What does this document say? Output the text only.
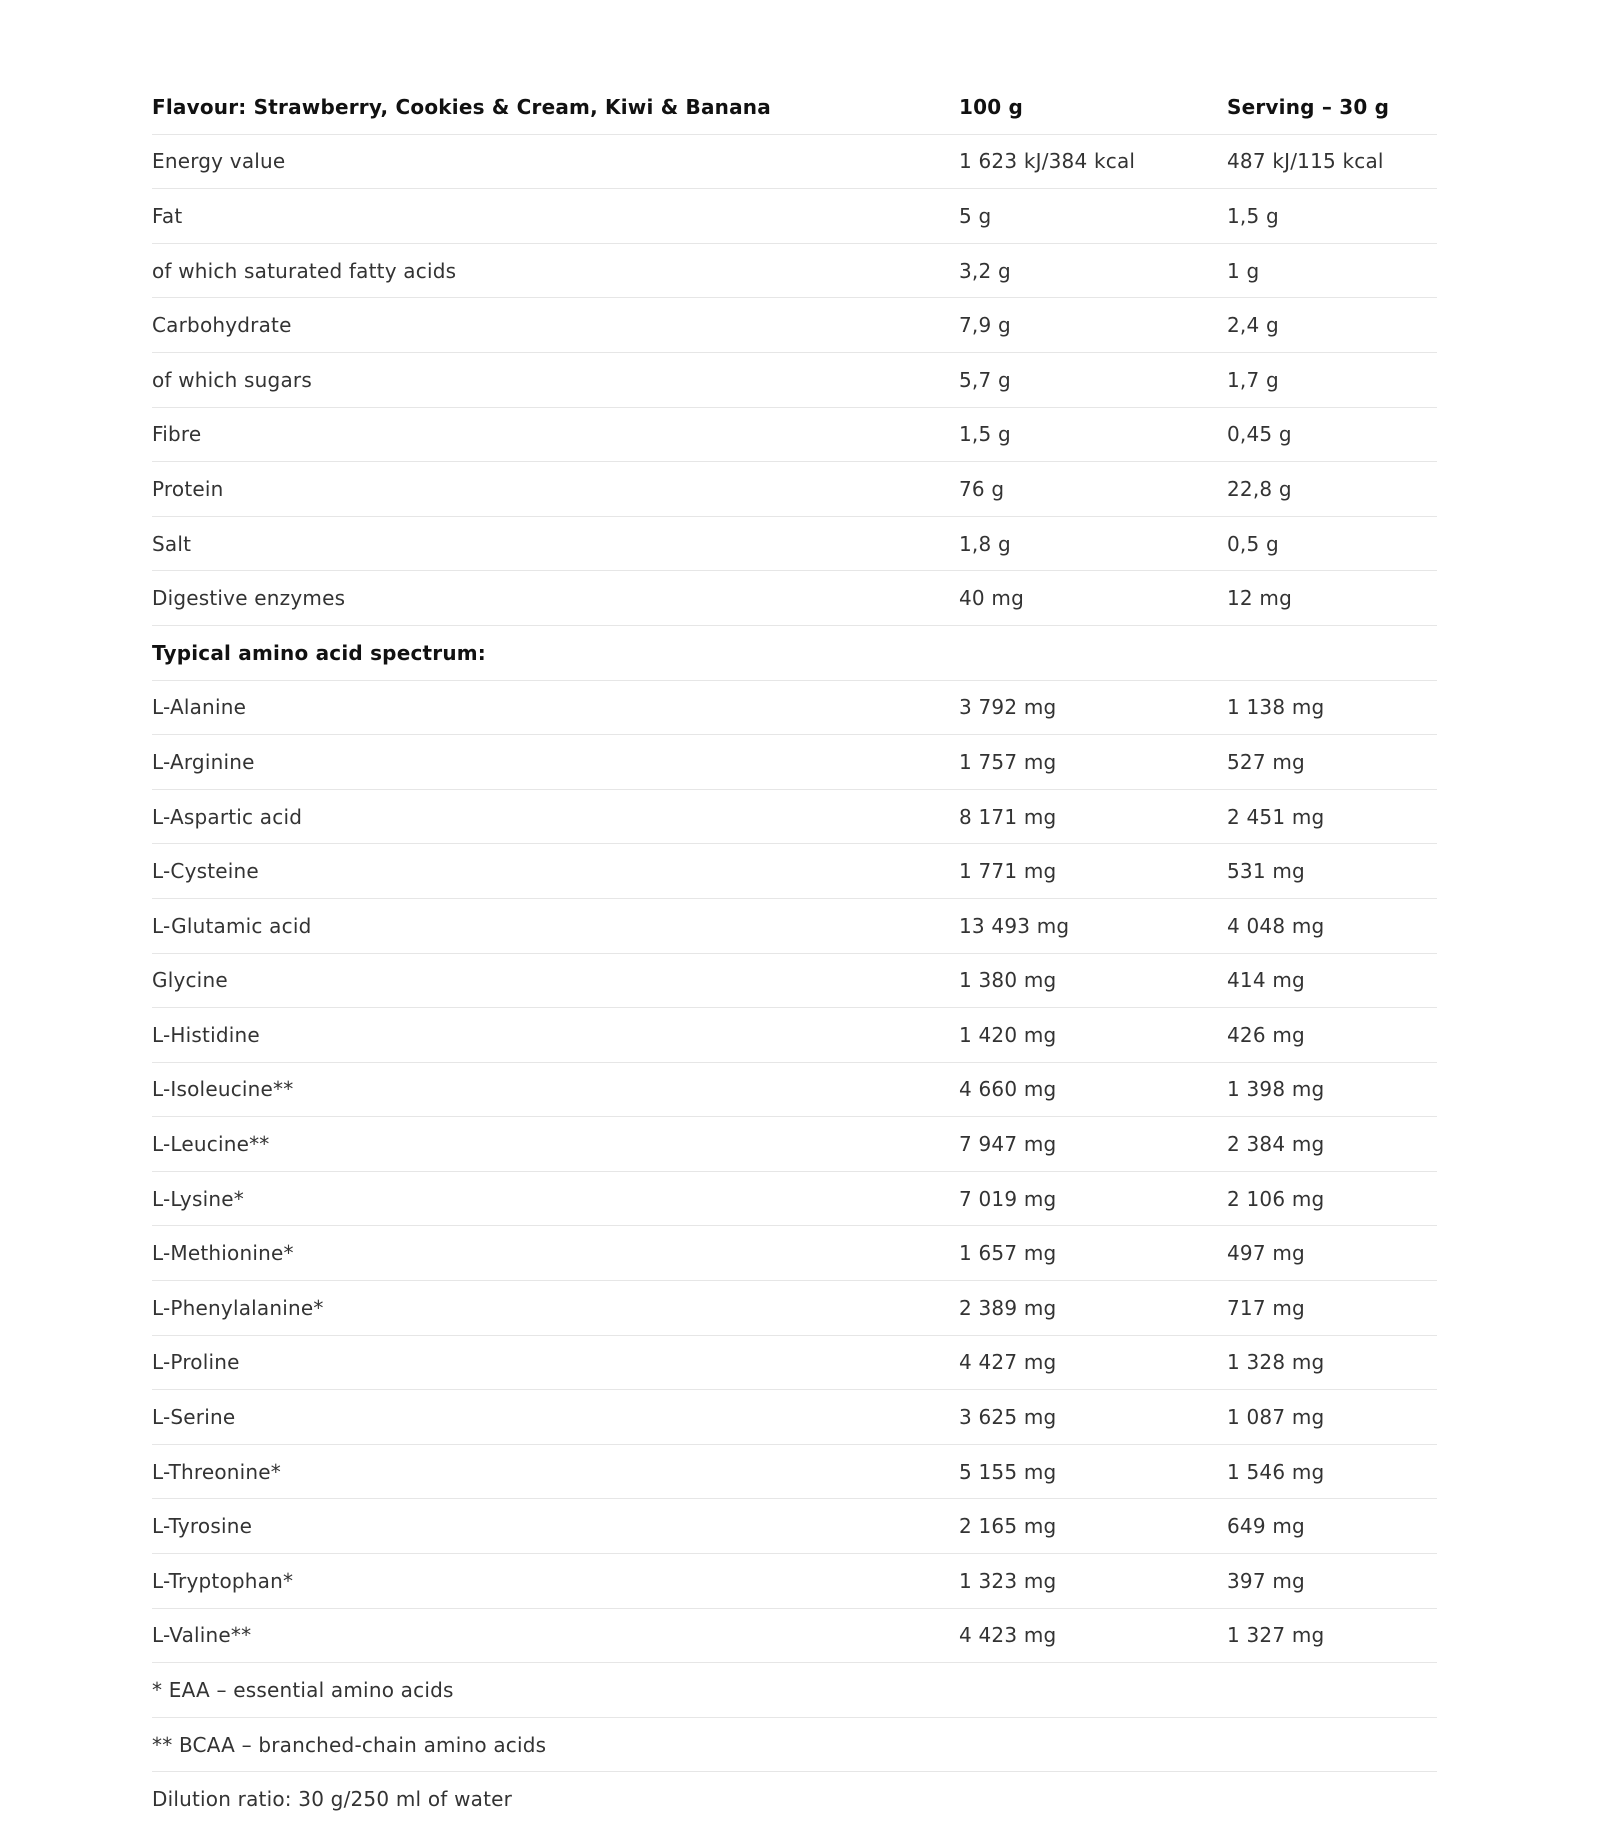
Flavour: Strawberry, Cookies & Cream, Kiwi & Banana	100 g	Serving – 30 g
Energy value	1 623 kJ/384 kcal	487 kJ/115 kcal
Fat	5 g	1,5 g
of which saturated fatty acids	3,2 g	1 g
Carbohydrate	7,9 g	2,4 g
of which sugars	5,7 g	1,7 g
Fibre	1,5 g	0,45 g
Protein	76 g	22,8 g
Salt	1,8 g	0,5 g
Digestive enzymes	40 mg	12 mg
Typical amino acid spectrum:		
L-Alanine	3 792 mg	1 138 mg
L-Arginine	1 757 mg	527 mg
L-Aspartic acid	8 171 mg	2 451 mg
L-Cysteine	1 771 mg	531 mg
L-Glutamic acid	13 493 mg	4 048 mg
Glycine	1 380 mg	414 mg
L-Histidine	1 420 mg	426 mg
L-Isoleucine**	4 660 mg	1 398 mg
L-Leucine**	7 947 mg	2 384 mg
L-Lysine*	7 019 mg	2 106 mg
L-Methionine*	1 657 mg	497 mg
L-Phenylalanine*	2 389 mg	717 mg
L-Proline	4 427 mg	1 328 mg
L-Serine	3 625 mg	1 087 mg
L-Threonine*	5 155 mg	1 546 mg
L-Tyrosine	2 165 mg	649 mg
L-Tryptophan*	1 323 mg	397 mg
L-Valine**	4 423 mg	1 327 mg
* EAA – essential amino acids		
** BCAA – branched-chain amino acids		
Dilution ratio: 30 g/250 ml of water		
